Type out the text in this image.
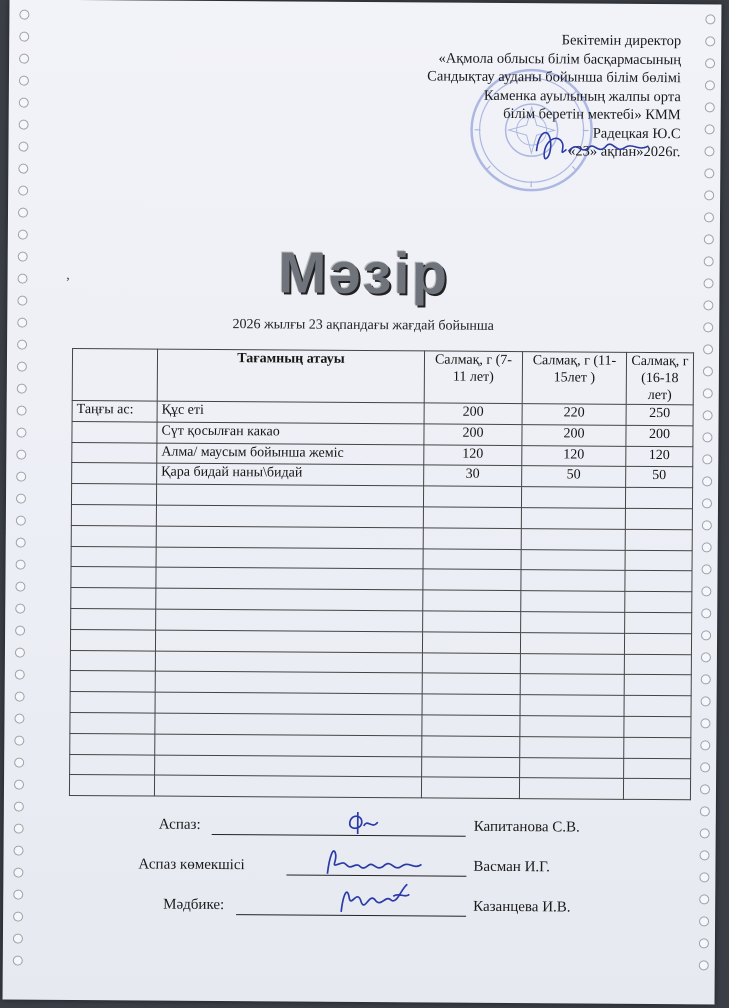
Бекітемін директор
«Ақмола облысы білім басқармасының
Сандықтау ауданы бойынша білім бөлімі
Каменка ауылының жалпы орта
білім беретін мектебі» КММ
Радецкая Ю.С
«23» ақпан»2026г.
Мәзір
2026 жылғы 23 ақпандағы жағдай бойынша
	Тағамның атауы	Салмақ, г (7-11 лет)	Салмақ, г (11-15лет )	Салмақ, г (16-18 лет)
Таңғы ас:	Құс еті	200	220	250
	Сүт қосылған какао	200	200	200
	Алма/ маусым бойынша жеміс	120	120	120
	Қара бидай наны\бидай	30	50	50

Аспаз:	Капитанова С.В.
Аспаз көмекшісі	Васман И.Г.
Мәдбике:	Казанцева И.В.
ʼ
